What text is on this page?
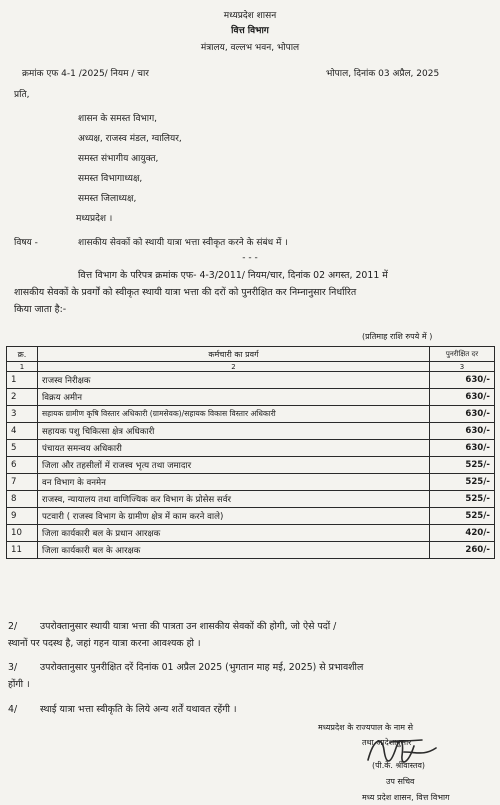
मध्यप्रदेश शासन
वित्त विभाग
मंत्रालय, वल्लभ भवन, भोपाल
क्रमांक एफ 4-1 /2025/ नियम / चार	भोपाल, दिनांक 03 अप्रैल, 2025
प्रति,
शासन के समस्त विभाग,
अध्यक्ष, राजस्व मंडल, ग्वालियर,
समस्त संभागीय आयुक्त,
समस्त विभागाध्यक्ष,
समस्त जिलाध्यक्ष,
मध्यप्रदेश ।
विषय -	शासकीय सेवकों को स्थायी यात्रा भत्ता स्वीकृत करने के संबंध में ।
- - -
वित्त विभाग के परिपत्र क्रमांक एफ- 4-3/2011/ नियम/चार, दिनांक 02 अगस्त, 2011 में
शासकीय सेवकों के प्रवर्गों को स्वीकृत स्थायी यात्रा भत्ता की दरों को पुनरीक्षित कर निम्नानुसार निर्धारित
किया जाता है:-
(प्रतिमाह राशि रुपये में )
क्र.	कर्मचारी का प्रवर्ग	पुनरीक्षित दर
1	2	3
1	राजस्व निरीक्षक	630/-
2	विक्रय अमीन	630/-
3	सहायक ग्रामीण कृषि विस्तार अधिकारी (ग्रामसेवक)/सहायक विकास विस्तार अधिकारी	630/-
4	सहायक पशु चिकित्सा क्षेत्र अधिकारी	630/-
5	पंचायत समन्वय अधिकारी	630/-
6	जिला और तहसीलों में राजस्व भृत्य तथा जमादार	525/-
7	वन विभाग के वनमेन	525/-
8	राजस्व, न्यायालय तथा वाणिज्यिक कर विभाग के प्रोसेस सर्वर	525/-
9	पटवारी ( राजस्व विभाग के ग्रामीण क्षेत्र में काम करने वाले)	525/-
10	जिला कार्यकारी बल के प्रधान आरक्षक	420/-
11	जिला कार्यकारी बल के आरक्षक	260/-
2/ उपरोक्तानुसार स्थायी यात्रा भत्ता की पात्रता उन शासकीय सेवकों की होगी, जो ऐसे पदों /
स्थानों पर पदस्थ है, जहां गहन यात्रा करना आवश्यक हो ।
3/ उपरोक्तानुसार पुनरीक्षित दरें दिनांक 01 अप्रैल 2025 (भुगतान माह मई, 2025) से प्रभावशील
होंगी ।
4/ स्थाई यात्रा भत्ता स्वीकृति के लिये अन्य शर्तें यथावत रहेंगी ।
मध्यप्रदेश के राज्यपाल के नाम से
तथा आदेशानुसार
(पी.के. श्रीवास्तव)
उप सचिव
मध्य प्रदेश शासन, वित्त विभाग
